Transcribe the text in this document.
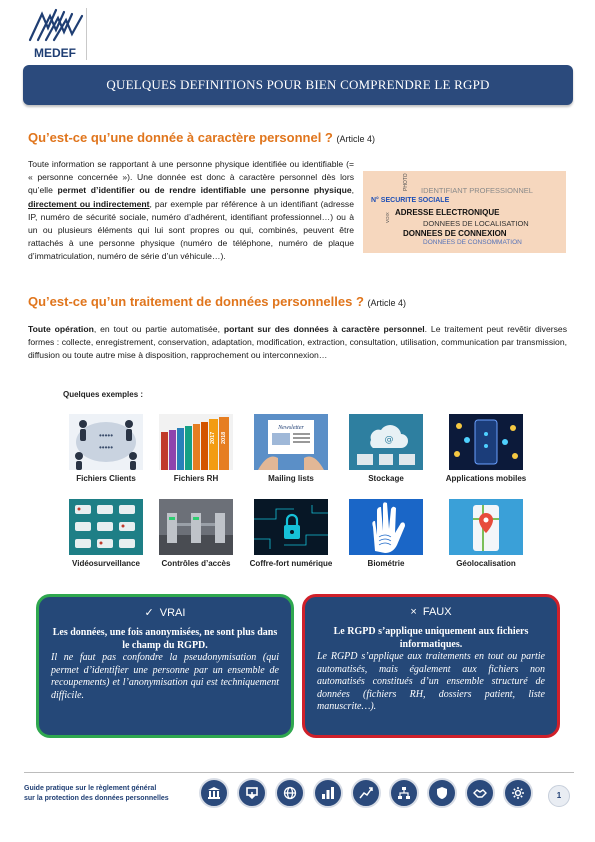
MEDEF
QUELQUES DEFINITIONS POUR BIEN COMPRENDRE LE RGPD
Qu’est-ce qu’une donnée à caractère personnel ? (Article 4)
Toute information se rapportant à une personne physique identifiée ou identifiable (= « personne concernée »). Une donnée est donc à caractère personnel dès lors qu’elle permet d’identifier ou de rendre identifiable une personne physique, directement ou indirectement, par exemple par référence à un identifiant (adresse IP, numéro de sécurité sociale, numéro d’adhérent, identifiant professionnel…) ou à un ou plusieurs éléments qui lui sont propres ou qui, combinés, peuvent être rattachés à une personne physique (numéro de téléphone, numéro de plaque d’immatriculation, numéro de série d’un véhicule…).
PHOTO IDENTIFIANT PROFESSIONNEL
N° SECURITE SOCIALE
VOIX ADRESSE ELECTRONIQUE
DONNEES DE LOCALISATION
DONNEES DE CONNEXION
DONNEES DE CONSOMMATION
Qu’est-ce qu’un traitement de données personnelles ? (Article 4)
Toute opération, en tout ou partie automatisée, portant sur des données à caractère personnel. Le traitement peut revêtir diverses formes : collecte, enregistrement, conservation, adaptation, modification, extraction, consultation, utilisation, communication par transmission, diffusion ou toute autre mise à disposition, rapprochement ou interconnexion…
Quelques exemples :
•••••
•••••
Fichiers Clients
2017 2018
Fichiers RH
Newsletter
Mailing lists
@
Stockage	Applications mobiles
Vidéosurveillance	Contrôles d’accès	Coffre-fort numérique	Biométrie	Géolocalisation
✓ VRAI
Les données, une fois anonymisées, ne sont plus dans le champ du RGPD.
Il ne faut pas confondre la pseudonymisation (qui permet d’identifier une personne par un ensemble de recoupements) et l’anonymisation qui est techniquement difficile.
× FAUX
Le RGPD s’applique uniquement aux fichiers informatiques.
Le RGPD s’applique aux traitements en tout ou partie automatisés, mais également aux fichiers non automatisés constitués d’un ensemble structuré de données (fichiers RH, dossiers patient, liste manuscrite…).
Guide pratique sur le règlement général
sur la protection des données personnelles	1
